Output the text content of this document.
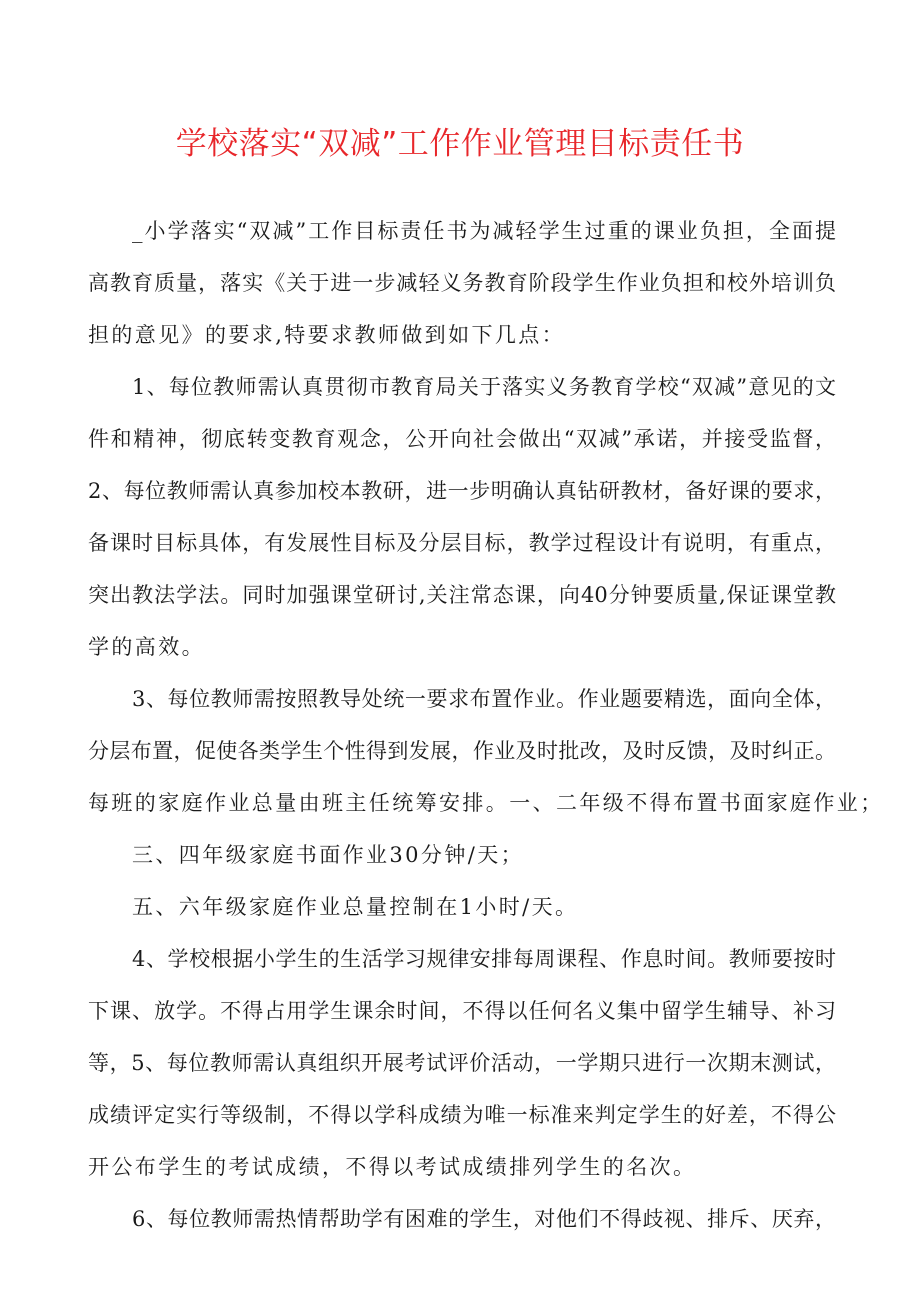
学校落实“双减”工作作业管理目标责任书
_小学落实“双减”工作目标责任书为减轻学生过重的课业负担，全面提
高教育质量，落实《关于进一步减轻义务教育阶段学生作业负担和校外培训负
担的意见》的要求,特要求教师做到如下几点：
1、每位教师需认真贯彻市教育局关于落实义务教育学校“双减”意见的文
件和精神，彻底转变教育观念，公开向社会做出“双减”承诺，并接受监督，
2、每位教师需认真参加校本教研，进一步明确认真钻研教材，备好课的要求，
备课时目标具体，有发展性目标及分层目标，教学过程设计有说明，有重点，
突出教法学法。同时加强课堂研讨,关注常态课，向40分钟要质量,保证课堂教
学的高效。
3、每位教师需按照教导处统一要求布置作业。作业题要精选，面向全体，
分层布置，促使各类学生个性得到发展，作业及时批改，及时反馈，及时纠正。
每班的家庭作业总量由班主任统筹安排。一、二年级不得布置书面家庭作业；
三、四年级家庭书面作业30分钟/天；
五、六年级家庭作业总量控制在1小时/天。
4、学校根据小学生的生活学习规律安排每周课程、作息时间。教师要按时
下课、放学。不得占用学生课余时间，不得以任何名义集中留学生辅导、补习
等，5、每位教师需认真组织开展考试评价活动，一学期只进行一次期末测试，
成绩评定实行等级制，不得以学科成绩为唯一标准来判定学生的好差，不得公
开公布学生的考试成绩，不得以考试成绩排列学生的名次。
6、每位教师需热情帮助学有困难的学生，对他们不得歧视、排斥、厌弃，
